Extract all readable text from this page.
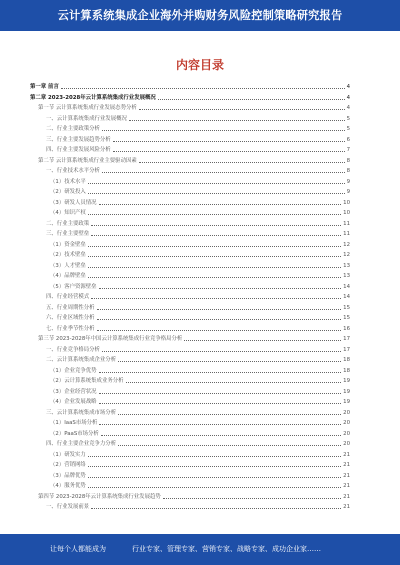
云计算系统集成企业海外并购财务风险控制策略研究报告
内容目录
第一章 前言	4
第二章 2023-2028年云计算系统集成行业发展概况	4
第一节 云计算系统集成行业发展态势分析	4
一、云计算系统集成行业发展概况	5
二、行业主要政策分析	5
三、行业主要发展趋势分析	6
四、行业主要发展风险分析	7
第二节 云计算系统集成行业主要驱动因素	8
一、行业技术水平分析	8
（1）技术水平	9
（2）研发投入	9
（3）研发人员情况	10
（4）知识产权	10
二、行业主要政策	11
三、行业主要壁垒	11
（1）资金壁垒	12
（2）技术壁垒	12
（3）人才壁垒	13
（4）品牌壁垒	13
（5）客户资源壁垒	14
四、行业经营模式	14
五、行业周期性分析	15
六、行业区域性分析	15
七、行业季节性分析	16
第三节 2023-2028年中国云计算系统集成行业竞争格局分析	17
一、行业竞争格局分析	17
二、云计算系统集成企业分析	18
（1）企业竞争优势	18
（2）云计算系统集成业务分析	19
（3）企业经营状况	19
（4）企业发展战略	19
三、云计算系统集成市场分析	20
（1）IaaS市场分析	20
（2）PaaS市场分析	20
四、行业主要企业竞争力分析	20
（1）研发实力	21
（2）营销网络	21
（3）品牌优势	21
（4）服务优势	21
第四节 2023-2028年云计算系统集成行业发展趋势	21
一、行业发展前景	21
让每个人都能成为	行业专家、管理专家、营销专家、战略专家、成功企业家……
